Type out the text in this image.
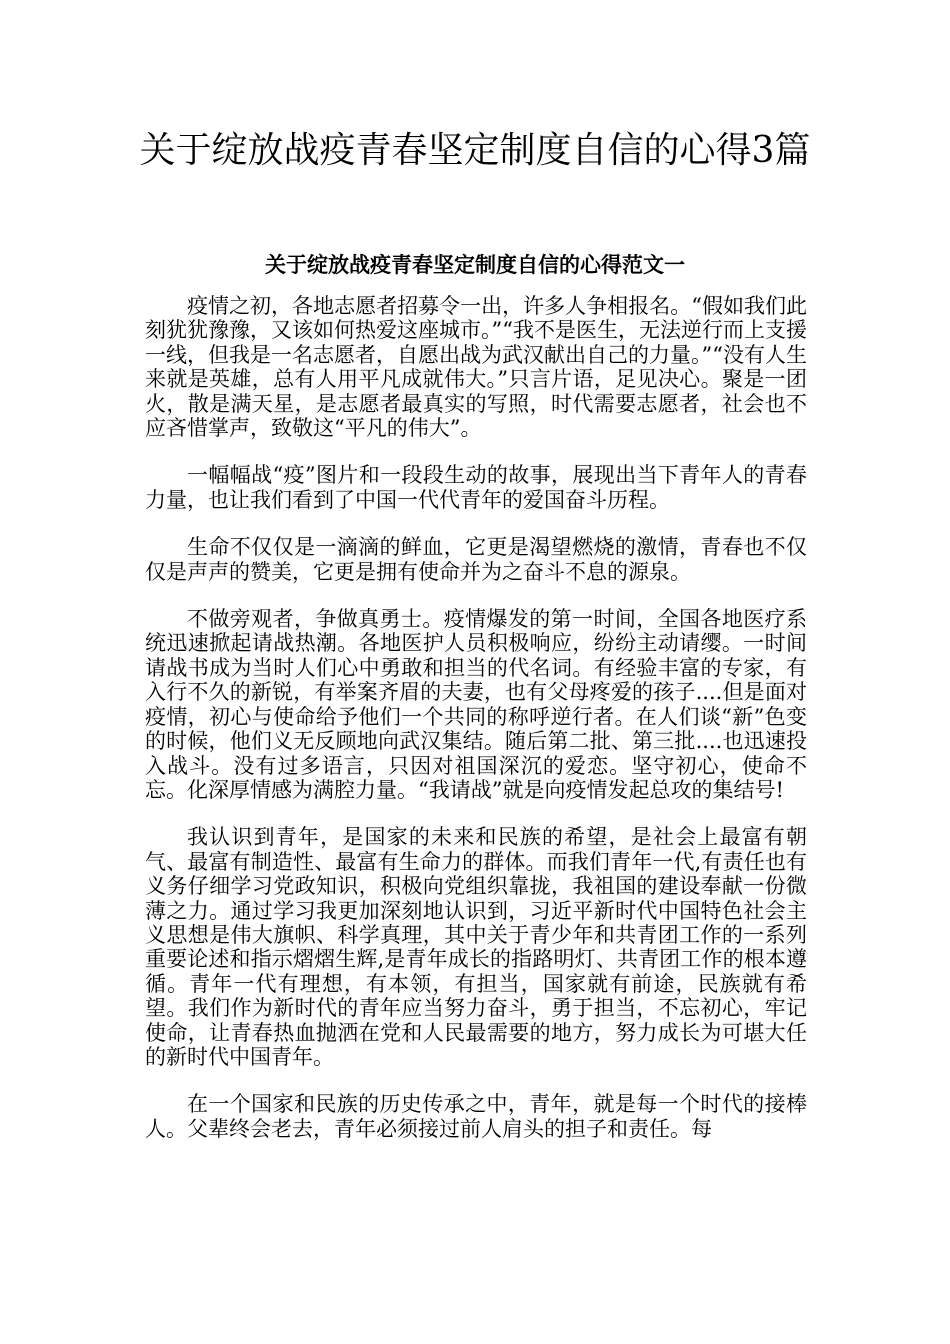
关于绽放战疫青春坚定制度自信的心得3篇
关于绽放战疫青春坚定制度自信的心得范文一

疫情之初，各地志愿者招募令一出，许多人争相报名。“假如我们此刻犹犹豫豫，又该如何热爱这座城市。”“我不是医生，无法逆行而上支援一线，但我是一名志愿者，自愿出战为武汉献出自己的力量。”“没有人生来就是英雄，总有人用平凡成就伟大。”只言片语，足见决心。聚是一团火，散是满天星，是志愿者最真实的写照，时代需要志愿者，社会也不应吝惜掌声，致敬这“平凡的伟大”。

一幅幅战“疫”图片和一段段生动的故事，展现出当下青年人的青春力量，也让我们看到了中国一代代青年的爱国奋斗历程。

生命不仅仅是一滴滴的鲜血，它更是渴望燃烧的激情，青春也不仅仅是声声的赞美，它更是拥有使命并为之奋斗不息的源泉。

不做旁观者，争做真勇士。疫情爆发的第一时间，全国各地医疗系统迅速掀起请战热潮。各地医护人员积极响应，纷纷主动请缨。一时间请战书成为当时人们心中勇敢和担当的代名词。有经验丰富的专家，有入行不久的新锐，有举案齐眉的夫妻，也有父母疼爱的孩子....但是面对疫情，初心与使命给予他们一个共同的称呼逆行者。在人们谈“新”色变的时候，他们义无反顾地向武汉集结。随后第二批、第三批....也迅速投入战斗。没有过多语言，只因对祖国深沉的爱恋。坚守初心，使命不忘。化深厚情感为满腔力量。“我请战”就是向疫情发起总攻的集结号!

我认识到青年，是国家的未来和民族的希望，是社会上最富有朝气、最富有制造性、最富有生命力的群体。而我们青年一代,有责任也有义务仔细学习党政知识，积极向党组织靠拢，我祖国的建设奉献一份微薄之力。通过学习我更加深刻地认识到，习近平新时代中国特色社会主义思想是伟大旗帜、科学真理，其中关于青少年和共青团工作的一系列重要论述和指示熠熠生辉,是青年成长的指路明灯、共青团工作的根本遵循。青年一代有理想，有本领，有担当，国家就有前途，民族就有希望。我们作为新时代的青年应当努力奋斗，勇于担当，不忘初心，牢记使命，让青春热血抛洒在党和人民最需要的地方，努力成长为可堪大任的新时代中国青年。

在一个国家和民族的历史传承之中，青年，就是每一个时代的接棒人。父辈终会老去，青年必须接过前人肩头的担子和责任。每
